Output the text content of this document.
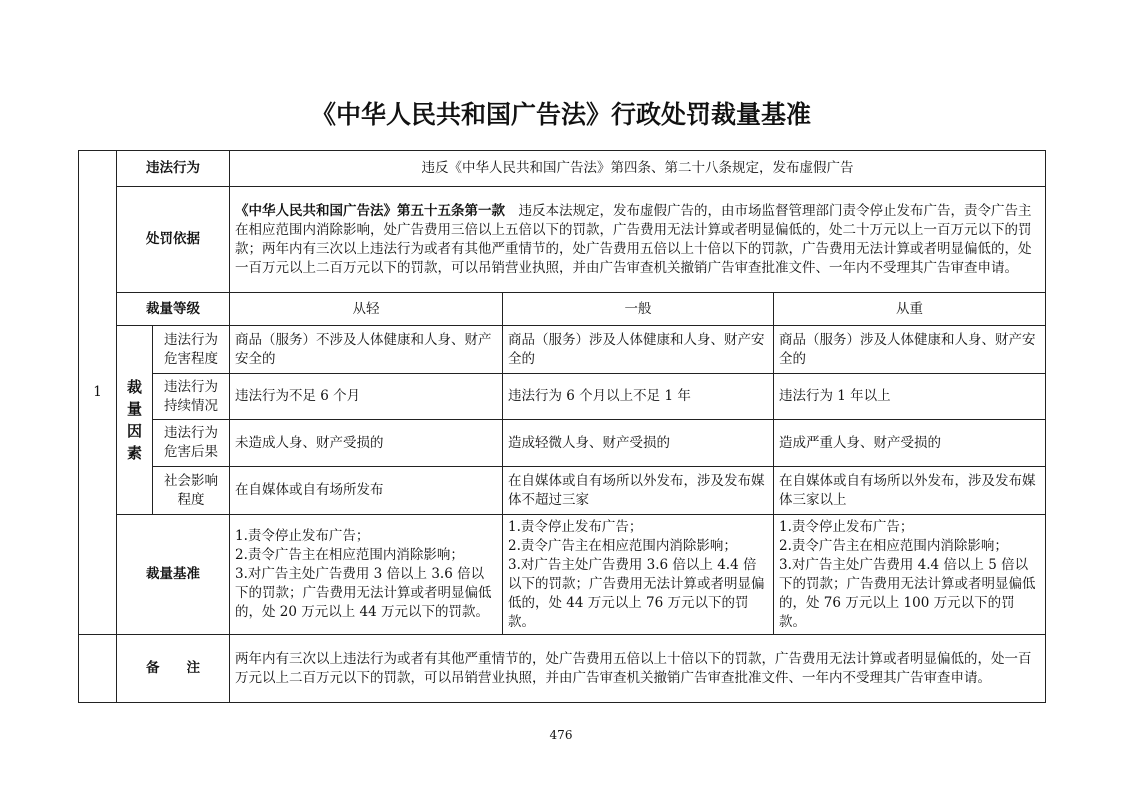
《中华人民共和国广告法》行政处罚裁量基准
1	违法行为		违反《中华人民共和国广告法》第四条、第二十八条规定，发布虚假广告		
	处罚依据		《中华人民共和国广告法》第五十五条第一款　违反本法规定，发布虚假广告的，由市场监督管理部门责令停止发布广告，责令广告主在相应范围内消除影响，处广告费用三倍以上五倍以下的罚款，广告费用无法计算或者明显偏低的，处二十万元以上一百万元以下的罚款；两年内有三次以上违法行为或者有其他严重情节的，处广告费用五倍以上十倍以下的罚款，广告费用无法计算或者明显偏低的，处一百万元以上二百万元以下的罚款，可以吊销营业执照，并由广告审查机关撤销广告审查批准文件、一年内不受理其广告审查申请。		
	裁量等级		从轻	一般	从重
	裁量因素	违法行为危害程度	商品（服务）不涉及人体健康和人身、财产安全的	商品（服务）涉及人体健康和人身、财产安全的	商品（服务）涉及人体健康和人身、财产安全的
		违法行为持续情况	违法行为不足 6 个月	违法行为 6 个月以上不足 1 年	违法行为 1 年以上
		违法行为危害后果	未造成人身、财产受损的	造成轻微人身、财产受损的	造成严重人身、财产受损的
		社会影响程度	在自媒体或自有场所发布	在自媒体或自有场所以外发布，涉及发布媒体不超过三家	在自媒体或自有场所以外发布，涉及发布媒体三家以上
	裁量基准		1.责令停止发布广告；
2.责令广告主在相应范围内消除影响；
3.对广告主处广告费用 3 倍以上 3.6 倍以下的罚款；广告费用无法计算或者明显偏低的，处 20 万元以上 44 万元以下的罚款。	1.责令停止发布广告；
2.责令广告主在相应范围内消除影响；
3.对广告主处广告费用 3.6 倍以上 4.4 倍以下的罚款；广告费用无法计算或者明显偏低的，处 44 万元以上 76 万元以下的罚款。	1.责令停止发布广告；
2.责令广告主在相应范围内消除影响；
3.对广告主处广告费用 4.4 倍以上 5 倍以下的罚款；广告费用无法计算或者明显偏低的，处 76 万元以上 100 万元以下的罚款。
	备　　注		两年内有三次以上违法行为或者有其他严重情节的，处广告费用五倍以上十倍以下的罚款，广告费用无法计算或者明显偏低的，处一百万元以上二百万元以下的罚款，可以吊销营业执照，并由广告审查机关撤销广告审查批准文件、一年内不受理其广告审查申请。		
476
